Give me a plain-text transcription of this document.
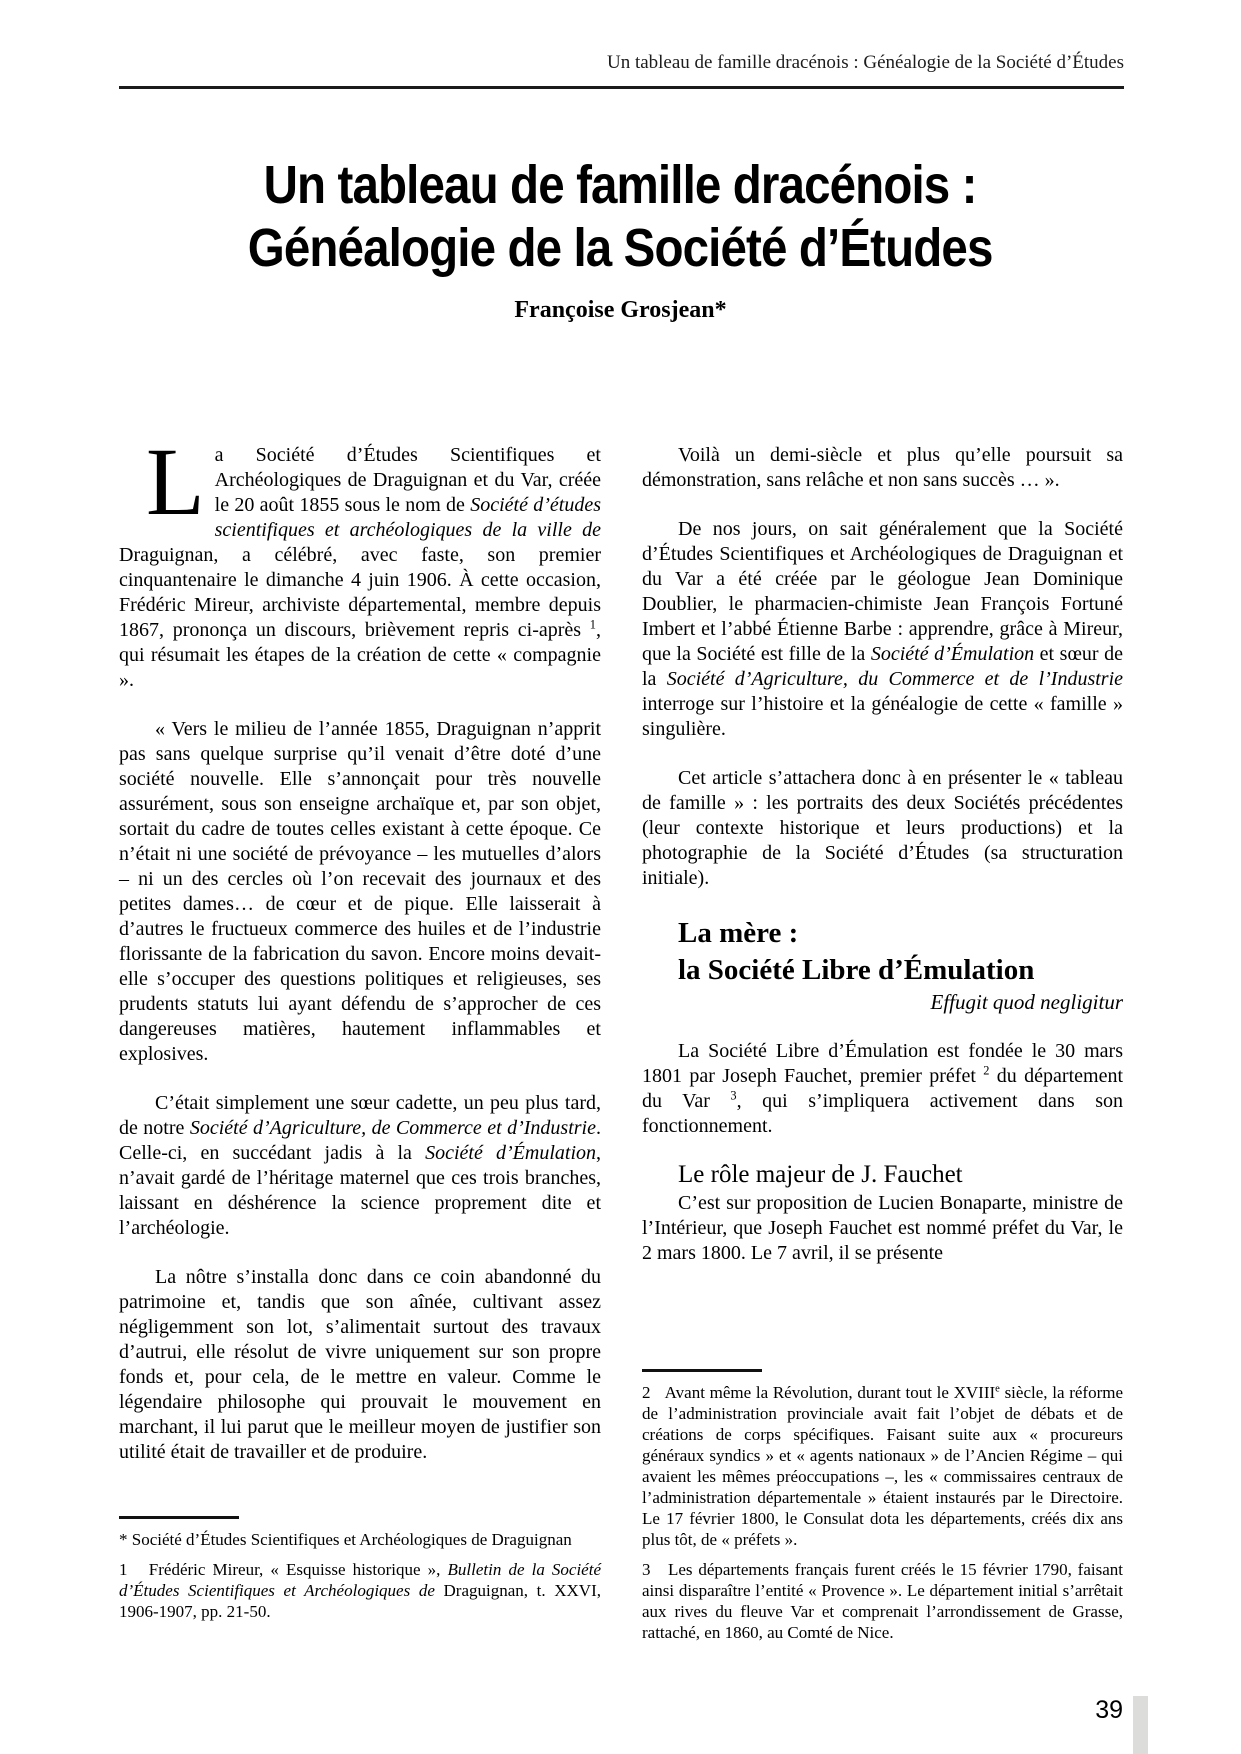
Un tableau de famille dracénois : Généalogie de la Société d’Études
Un tableau de famille dracénois :
Généalogie de la Société d’Études
Françoise Grosjean*

La Société d’Études Scientifiques et Archéologiques de Draguignan et du Var, créée le 20 août 1855 sous le nom de Société d’études scientifiques et archéologiques de la ville de Draguignan, a célébré, avec faste, son premier cinquantenaire le dimanche 4 juin 1906. À cette occasion, Frédéric Mireur, archiviste départemental, membre depuis 1867, prononça un discours, brièvement repris ci-après $^1$, qui résumait les étapes de la création de cette « compagnie ».

« Vers le milieu de l’année 1855, Draguignan n’apprit pas sans quelque surprise qu’il venait d’être doté d’une société nouvelle. Elle s’annonçait pour très nouvelle assurément, sous son enseigne archaïque et, par son objet, sortait du cadre de toutes celles existant à cette époque. Ce n’était ni une société de prévoyance – les mutuelles d’alors – ni un des cercles où l’on recevait des journaux et des petites dames… de cœur et de pique. Elle laisserait à d’autres le fructueux commerce des huiles et de l’industrie florissante de la fabrication du savon. Encore moins devait-elle s’occuper des questions politiques et religieuses, ses prudents statuts lui ayant défendu de s’approcher de ces dangereuses matières, hautement inflammables et explosives.

C’était simplement une sœur cadette, un peu plus tard, de notre Société d’Agriculture, de Commerce et d’Industrie. Celle-ci, en succédant jadis à la Société d’Émulation, n’avait gardé de l’héritage maternel que ces trois branches, laissant en déshérence la science proprement dite et l’archéologie.

La nôtre s’installa donc dans ce coin abandonné du patrimoine et, tandis que son aînée, cultivant assez négligemment son lot, s’alimentait surtout des travaux d’autrui, elle résolut de vivre uniquement sur son propre fonds et, pour cela, de le mettre en valeur. Comme le légendaire philosophe qui prouvait le mouvement en marchant, il lui parut que le meilleur moyen de justifier son utilité était de travailler et de produire.

Voilà un demi-siècle et plus qu’elle poursuit sa démonstration, sans relâche et non sans succès … ».

De nos jours, on sait généralement que la Société d’Études Scientifiques et Archéologiques de Draguignan et du Var a été créée par le géologue Jean Dominique Doublier, le pharmacien-chimiste Jean François Fortuné Imbert et l’abbé Étienne Barbe : apprendre, grâce à Mireur, que la Société est fille de la Société d’Émulation et sœur de la Société d’Agriculture, du Commerce et de l’Industrie interroge sur l’histoire et la généalogie de cette « famille » singulière.

Cet article s’attachera donc à en présenter le « tableau de famille » : les portraits des deux Sociétés précédentes (leur contexte historique et leurs productions) et la photographie de la Société d’Études (sa structuration initiale).

La mère :
la Société Libre d’Émulation

Effugit quod negligitur

La Société Libre d’Émulation est fondée le 30 mars 1801 par Joseph Fauchet, premier préfet $^2$ du département du Var $^3$, qui s’impliquera activement dans son fonctionnement.

Le rôle majeur de J. Fauchet

C’est sur proposition de Lucien Bonaparte, ministre de l’Intérieur, que Joseph Fauchet est nommé préfet du Var, le 2 mars 1800. Le 7 avril, il se présente

* Société d’Études Scientifiques et Archéologiques de Draguignan

1   Frédéric Mireur, « Esquisse historique », Bulletin de la Société d’Études Scientifiques et Archéologiques de Draguignan, t. XXVI, 1906-1907, pp. 21-50.

2   Avant même la Révolution, durant tout le XVIIIe siècle, la réforme de l’administration provinciale avait fait l’objet de débats et de créations de corps spécifiques. Faisant suite aux « procureurs généraux syndics » et « agents nationaux » de l’Ancien Régime – qui avaient les mêmes préoccupations –, les « commissaires centraux de l’administration départementale » étaient instaurés par le Directoire. Le 17 février 1800, le Consulat dota les départements, créés dix ans plus tôt, de « préfets ».

3   Les départements français furent créés le 15 février 1790, faisant ainsi disparaître l’entité « Provence ». Le département initial s’arrêtait aux rives du fleuve Var et comprenait l’arrondissement de Grasse, rattaché, en 1860, au Comté de Nice.

39
